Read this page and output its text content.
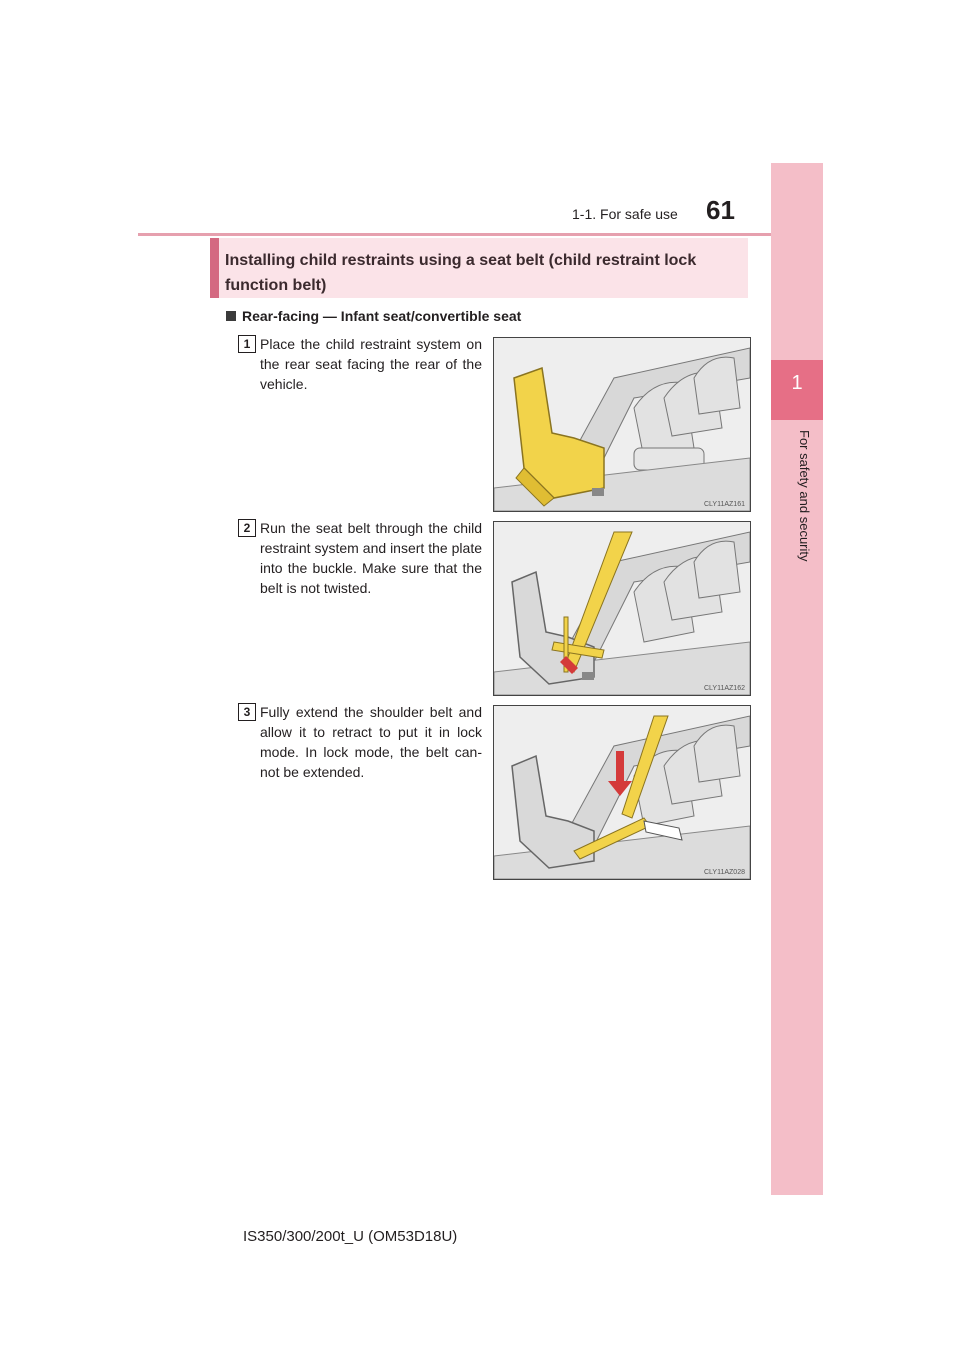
1-1. For safe use 61
1
For safety and security
Installing child restraints using a seat belt (child restraint lock function belt)
Rear-facing — Infant seat/convertible seat
1 Place the child restraint system on the rear seat facing the rear of the vehicle.
CLY11AZ161
2 Run the seat belt through the child restraint system and insert the plate into the buckle. Make sure that the belt is not twisted.
CLY11AZ162
3 Fully extend the shoulder belt and allow it to retract to put it in lock mode. In lock mode, the belt can-not be extended.
CLY11AZ028
IS350/300/200t_U (OM53D18U)
